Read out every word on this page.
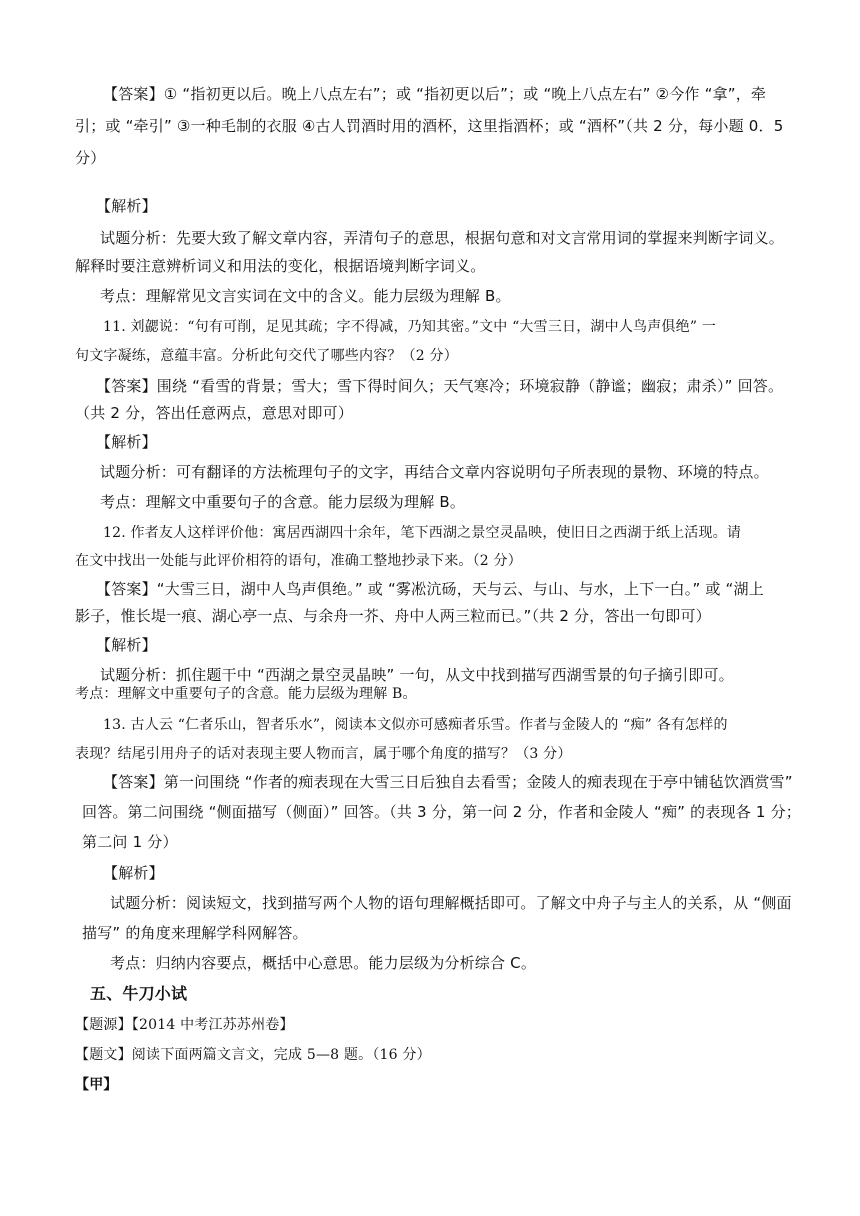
【答案】① “指初更以后。晚上八点左右”；或 “指初更以后”；或 “晚上八点左右” ②今作 “拿”，牵
引；或 “牵引” ③一种毛制的衣服 ④古人罚酒时用的酒杯，这里指酒杯；或 “酒杯”（共 2 分，每小题 0．5
分）
【解析】
试题分析：先要大致了解文章内容，弄清句子的意思，根据句意和对文言常用词的掌握来判断字词义。
解释时要注意辨析词义和用法的变化，根据语境判断字词义。
考点：理解常见文言实词在文中的含义。能力层级为理解 B。
11. 刘勰说：“句有可削，足见其疏；字不得减，乃知其密。”文中 “大雪三日，湖中人鸟声俱绝” 一
句文字凝练，意蕴丰富。分析此句交代了哪些内容？（2 分）
【答案】围绕 “看雪的背景；雪大；雪下得时间久；天气寒冷；环境寂静（静谧；幽寂；肃杀）” 回答。
（共 2 分，答出任意两点，意思对即可）
【解析】
试题分析：可有翻译的方法梳理句子的文字，再结合文章内容说明句子所表现的景物、环境的特点。
考点：理解文中重要句子的含意。能力层级为理解 B。
12. 作者友人这样评价他：寓居西湖四十余年，笔下西湖之景空灵晶映，使旧日之西湖于纸上活现。请
在文中找出一处能与此评价相符的语句，准确工整地抄录下来。（2 分）
【答案】“大雪三日，湖中人鸟声俱绝。” 或 “雾凇沆砀，天与云、与山、与水，上下一白。” 或 “湖上
影子，惟长堤一痕、湖心亭一点、与余舟一芥、舟中人两三粒而已。”（共 2 分，答出一句即可）
【解析】
试题分析：抓住题干中 “西湖之景空灵晶映” 一句，从文中找到描写西湖雪景的句子摘引即可。
考点：理解文中重要句子的含意。能力层级为理解 B。
13. 古人云 “仁者乐山，智者乐水”，阅读本文似亦可感痴者乐雪。作者与金陵人的 “痴” 各有怎样的
表现？结尾引用舟子的话对表现主要人物而言，属于哪个角度的描写？（3 分）
【答案】第一问围绕 “作者的痴表现在大雪三日后独自去看雪；金陵人的痴表现在于亭中铺毡饮酒赏雪”
回答。第二问围绕 “侧面描写（侧面）” 回答。（共 3 分，第一问 2 分，作者和金陵人 “痴” 的表现各 1 分；
第二问 1 分）
【解析】
试题分析：阅读短文，找到描写两个人物的语句理解概括即可。了解文中舟子与主人的关系，从 “侧面
描写” 的角度来理解学科网解答。
考点：归纳内容要点，概括中心意思。能力层级为分析综合 C。
五、牛刀小试
【题源】【2014 中考江苏苏州卷】
【题文】阅读下面两篇文言文，完成 5—8 题。（16 分）
【甲】
